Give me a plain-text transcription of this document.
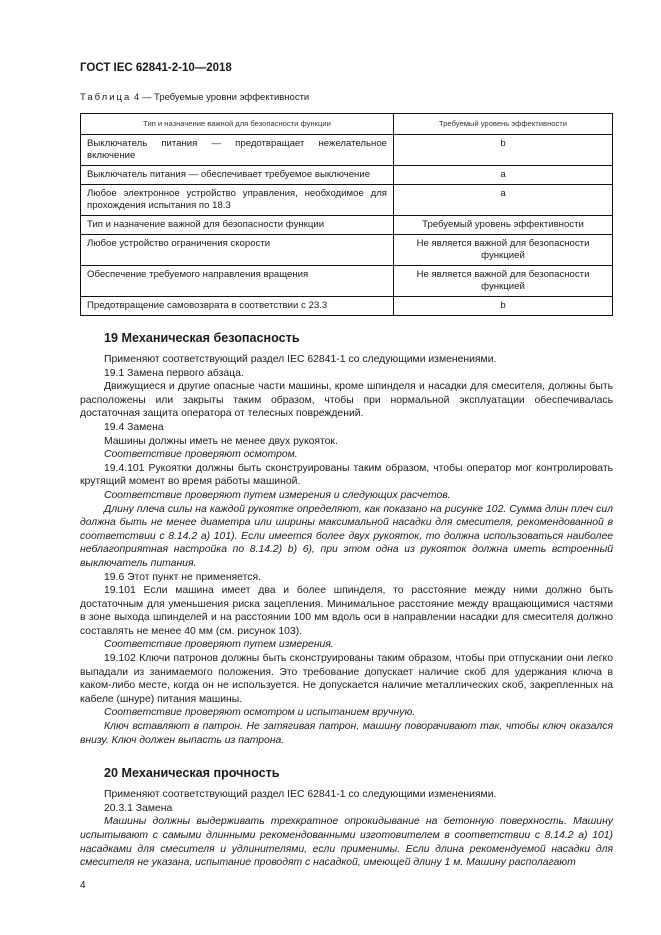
ГОСТ IEC 62841-2-10—2018
Таблица 4 — Требуемые уровни эффективности
Тип и назначение важной для безопасности функции	Требуемый уровень эффективности
Выключатель питания — предотвращает нежелательное включение	b
Выключатель питания — обеспечивает требуемое выключение	a
Любое электронное устройство управления, необходимое для прохождения испытания по 18.3	a
Тип и назначение важной для безопасности функции	Требуемый уровень эффективности
Любое устройство ограничения скорости	Не является важной для безопасности функцией
Обеспечение требуемого направления вращения	Не является важной для безопасности функцией
Предотвращение самовозврата в соответствии с 23.3	b
19 Механическая безопасность

Применяют соответствующий раздел IEC 62841-1 со следующими изменениями.

19.1 Замена первого абзаца.

Движущиеся и другие опасные части машины, кроме шпинделя и насадки для смесителя, должны быть расположены или закрыты таким образом, чтобы при нормальной эксплуатации обеспечивалась достаточная защита оператора от телесных повреждений.

19.4 Замена

Машины должны иметь не менее двух рукояток.

Соответствие проверяют осмотром.

19.4.101 Рукоятки должны быть сконструированы таким образом, чтобы оператор мог контролировать крутящий момент во время работы машиной.

Соответствие проверяют путем измерения и следующих расчетов.

Длину плеча силы на каждой рукоятке определяют, как показано на рисунке 102. Сумма длин плеч сил должна быть не менее диаметра или ширины максимальной насадки для смесителя, рекомендованной в соответствии с 8.14.2 а) 101). Если имеется более двух рукояток, то должна использоваться наиболее неблагоприятная настройка по 8.14.2) b) 6), при этом одна из рукояток должна иметь встроенный выключатель питания.

19.6 Этот пункт не применяется.

19.101 Если машина имеет два и более шпинделя, то расстояние между ними должно быть достаточным для уменьшения риска зацепления. Минимальное расстояние между вращающимися частями в зоне выхода шпинделей и на расстоянии 100 мм вдоль оси в направлении насадки для смесителя должно составлять не менее 40 мм (см. рисунок 103).

Соответствие проверяют путем измерения.

19.102 Ключи патронов должны быть сконструированы таким образом, чтобы при отпускании они легко выпадали из занимаемого положения. Это требование допускает наличие скоб для удержания ключа в каком-либо месте, когда он не используется. Не допускается наличие металлических скоб, закрепленных на кабеле (шнуре) питания машины.

Соответствие проверяют осмотром и испытанием вручную.

Ключ вставляют в патрон. Не затягивая патрон, машину поворачивают так, чтобы ключ оказался внизу. Ключ должен выпасть из патрона.

20 Механическая прочность

Применяют соответствующий раздел IEC 62841-1 со следующими изменениями.

20.3.1 Замена

Машины должны выдерживать трехкратное опрокидывание на бетонную поверхность. Машину испытывают с самыми длинными рекомендованными изготовителем в соответствии с 8.14.2 а) 101) насадками для смесителя и удлинителями, если применимы. Если длина рекомендуемой насадки для смесителя не указана, испытание проводят с насадкой, имеющей длину 1 м. Машину располагают

4
